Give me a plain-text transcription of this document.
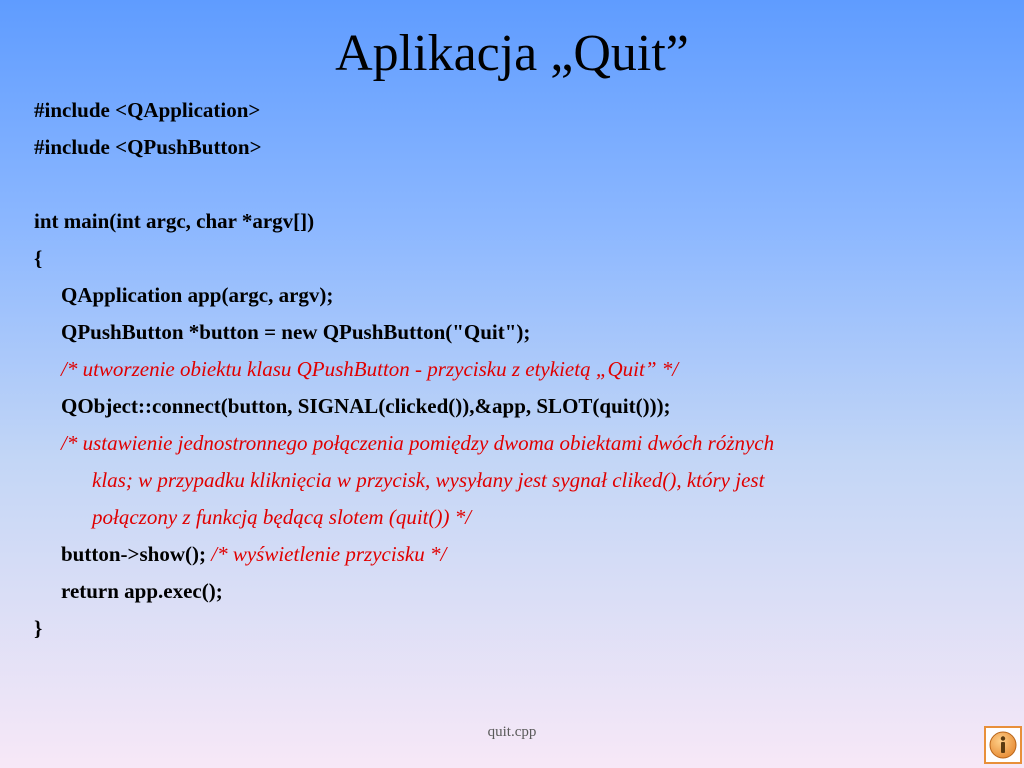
Aplikacja „Quit”
#include <QApplication>
#include <QPushButton>
int main(int argc, char *argv[])
{
QApplication app(argc, argv);
QPushButton *button = new QPushButton("Quit");
/* utworzenie obiektu klasu QPushButton - przycisku z etykietą „Quit” */
QObject::connect(button, SIGNAL(clicked()),&app, SLOT(quit()));
/* ustawienie jednostronnego połączenia pomiędzy dwoma obiektami dwóch różnych
klas; w przypadku kliknięcia w przycisk, wysyłany jest sygnał cliked(), który jest
połączony z funkcją będącą slotem (quit()) */
button->show(); /* wyświetlenie przycisku */
return app.exec();
}
quit.cpp
